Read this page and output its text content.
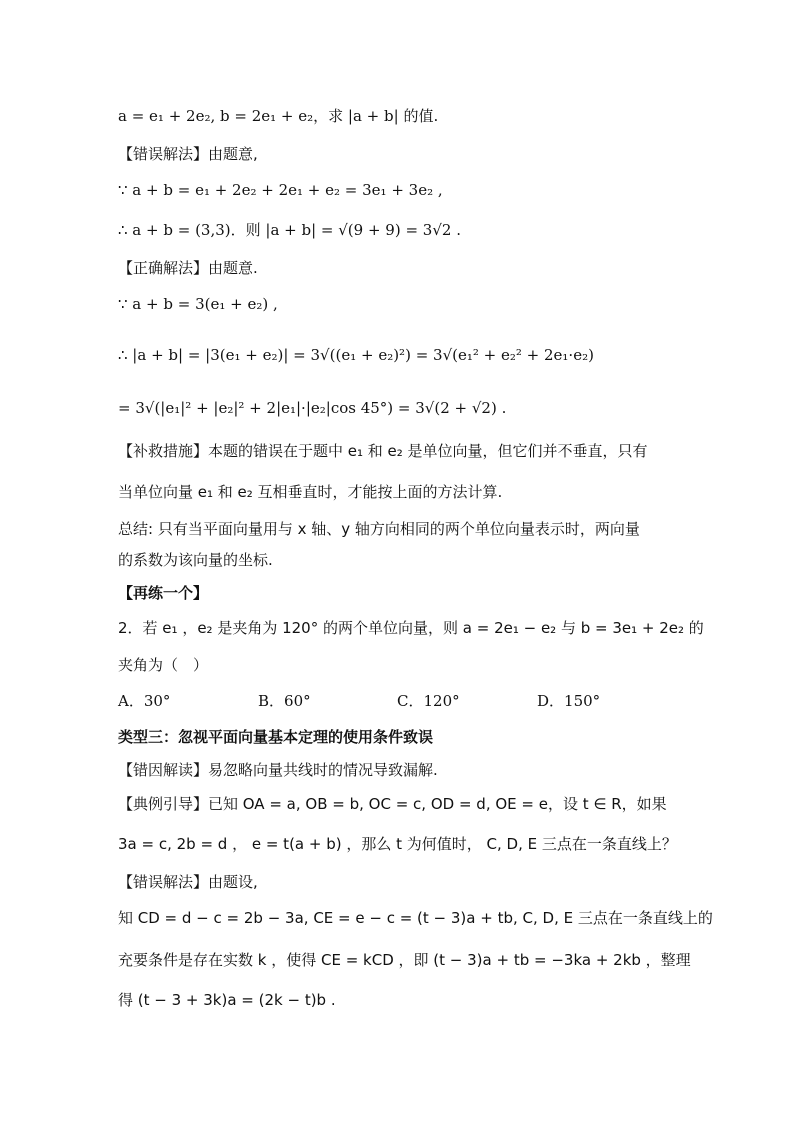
a = e₁ + 2e₂, b = 2e₁ + e₂，求 |a + b| 的值.
【错误解法】由题意,
∵ a + b = e₁ + 2e₂ + 2e₁ + e₂ = 3e₁ + 3e₂ ,
∴ a + b = (3,3)．则 |a + b| = √(9 + 9) = 3√2 .
【正确解法】由题意.
∵ a + b = 3(e₁ + e₂) ,
∴ |a + b| = |3(e₁ + e₂)| = 3√((e₁ + e₂)²) = 3√(e₁² + e₂² + 2e₁·e₂)
= 3√(|e₁|² + |e₂|² + 2|e₁|·|e₂|cos 45°) = 3√(2 + √2) .
【补救措施】本题的错误在于题中 e₁ 和 e₂ 是单位向量，但它们并不垂直，只有
当单位向量 e₁ 和 e₂ 互相垂直时，才能按上面的方法计算.
总结: 只有当平面向量用与 x 轴、y 轴方向相同的两个单位向量表示时，两向量
的系数为该向量的坐标.
【再练一个】
2．若 e₁ ，e₂ 是夹角为 120° 的两个单位向量，则 a = 2e₁ − e₂ 与 b = 3e₁ + 2e₂ 的
夹角为（　）
A．30°	B．60°	C．120°	D．150°
类型三：忽视平面向量基本定理的使用条件致误
【错因解读】易忽略向量共线时的情况导致漏解.
【典例引导】已知 OA = a, OB = b, OC = c, OD = d, OE = e，设 t ∈ R，如果
3a = c, 2b = d ， e = t(a + b) ，那么 t 为何值时， C, D, E 三点在一条直线上？
【错误解法】由题设,
知 CD = d − c = 2b − 3a, CE = e − c = (t − 3)a + tb, C, D, E 三点在一条直线上的
充要条件是存在实数 k ，使得 CE = kCD ，即 (t − 3)a + tb = −3ka + 2kb ，整理
得 (t − 3 + 3k)a = (2k − t)b .
